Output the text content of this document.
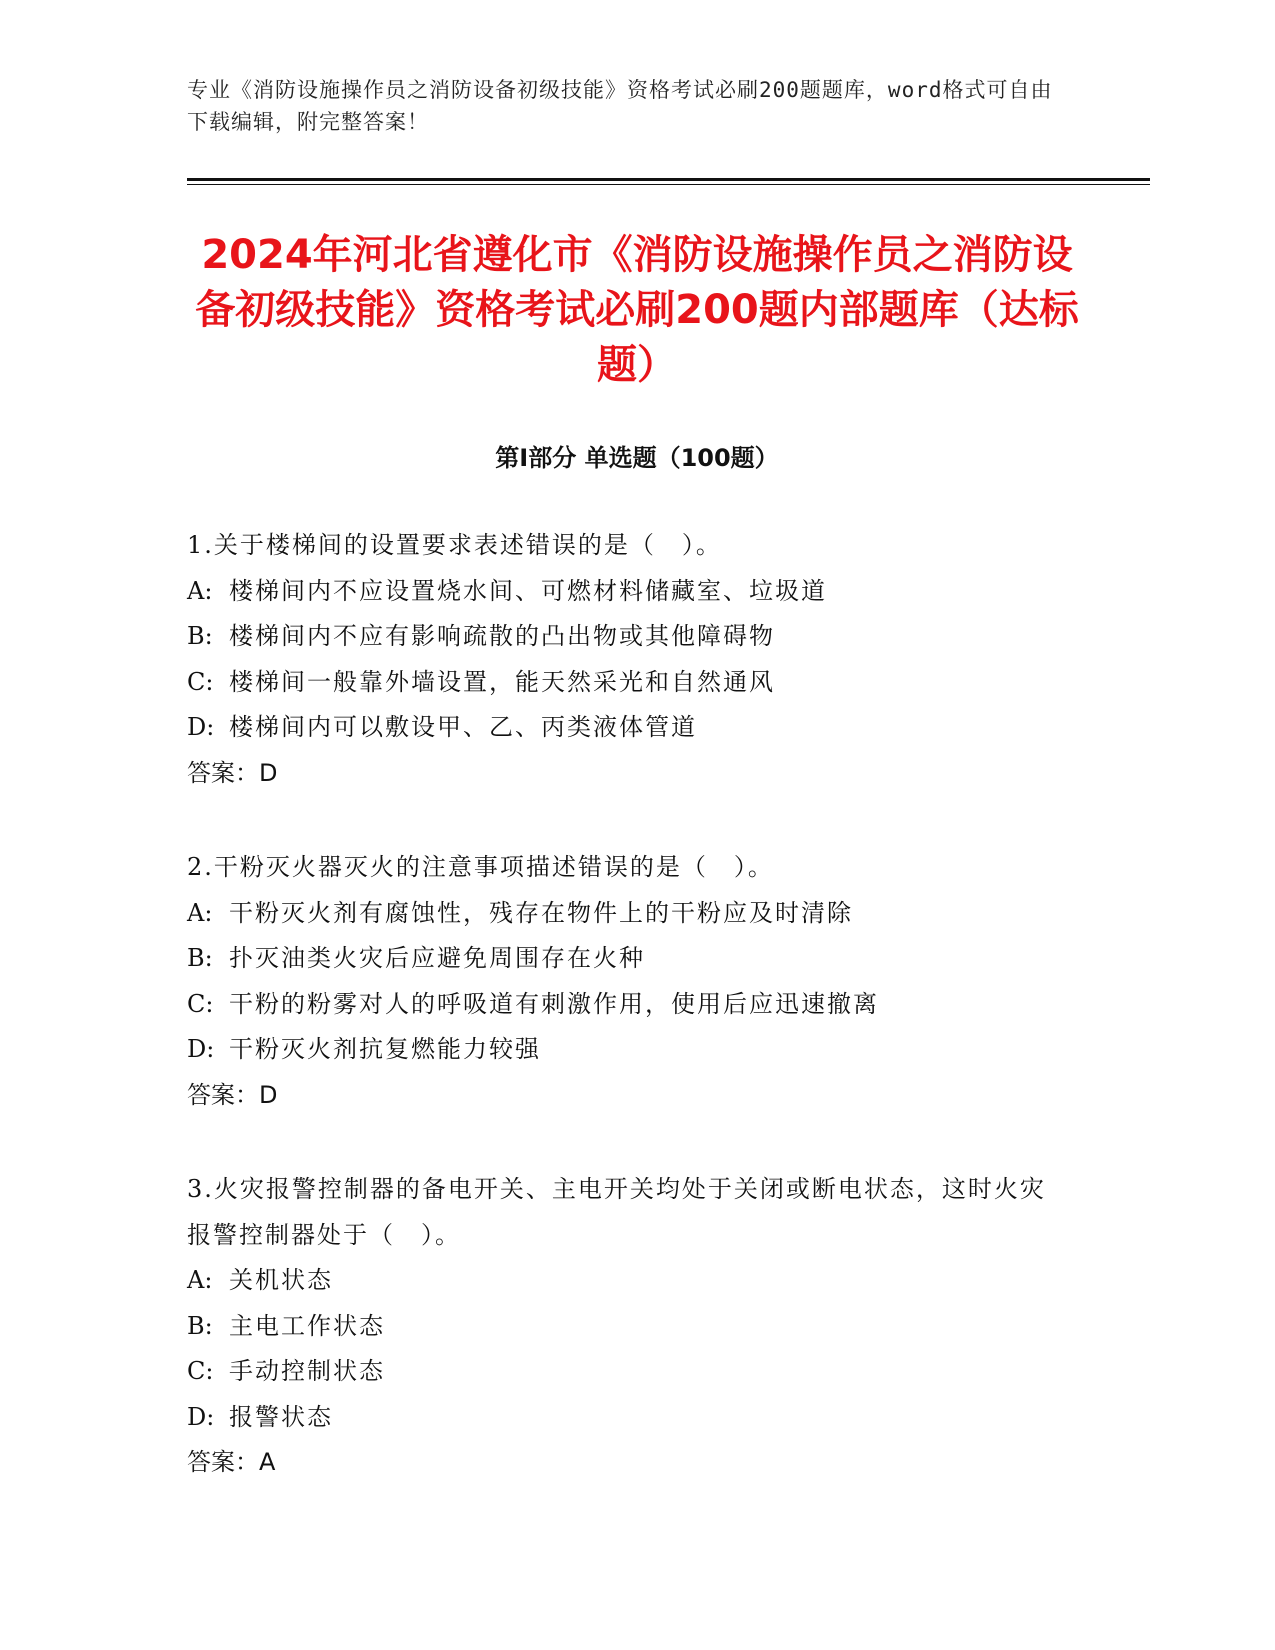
专业《消防设施操作员之消防设备初级技能》资格考试必刷200题题库，word格式可自由下载编辑，附完整答案！
2024年河北省遵化市《消防设施操作员之消防设备初级技能》资格考试必刷200题内部题库（达标题）
第I部分 单选题（100题）
1.关于楼梯间的设置要求表述错误的是（　）。
A: 楼梯间内不应设置烧水间、可燃材料储藏室、垃圾道
B: 楼梯间内不应有影响疏散的凸出物或其他障碍物
C: 楼梯间一般靠外墙设置，能天然采光和自然通风
D: 楼梯间内可以敷设甲、乙、丙类液体管道
答案：D
2.干粉灭火器灭火的注意事项描述错误的是（　）。
A: 干粉灭火剂有腐蚀性，残存在物件上的干粉应及时清除
B: 扑灭油类火灾后应避免周围存在火种
C: 干粉的粉雾对人的呼吸道有刺激作用，使用后应迅速撤离
D: 干粉灭火剂抗复燃能力较强
答案：D
3.火灾报警控制器的备电开关、主电开关均处于关闭或断电状态，这时火灾报警控制器处于（　）。
A: 关机状态
B: 主电工作状态
C: 手动控制状态
D: 报警状态
答案：A
